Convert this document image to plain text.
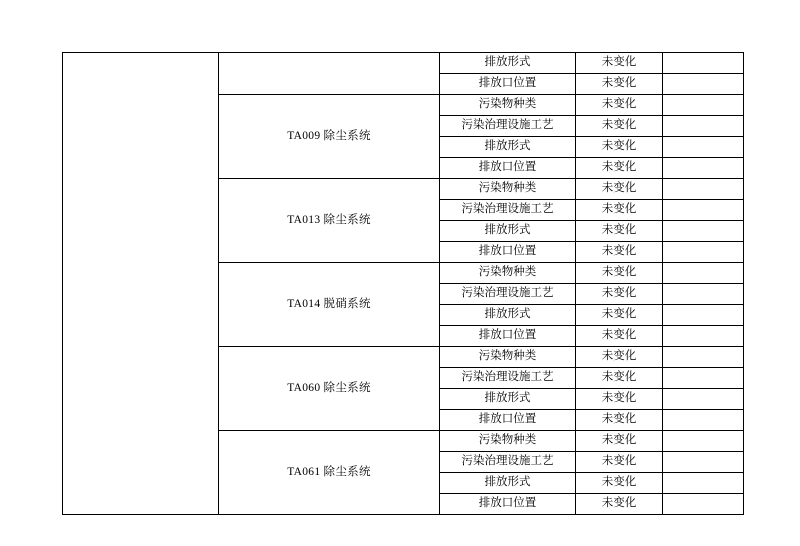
		排放形式	未变化	

		排放口位置	未变化	

	TA009 除尘系统	污染物种类	未变化	

		污染治理设施工艺	未变化	

		排放形式	未变化	

		排放口位置	未变化	

	TA013 除尘系统	污染物种类	未变化	

		污染治理设施工艺	未变化	

		排放形式	未变化	

		排放口位置	未变化	

	TA014 脱硝系统	污染物种类	未变化	

		污染治理设施工艺	未变化	

		排放形式	未变化	

		排放口位置	未变化	

	TA060 除尘系统	污染物种类	未变化	

		污染治理设施工艺	未变化	

		排放形式	未变化	

		排放口位置	未变化	

	TA061 除尘系统	污染物种类	未变化	

		污染治理设施工艺	未变化	

		排放形式	未变化	

		排放口位置	未变化	
